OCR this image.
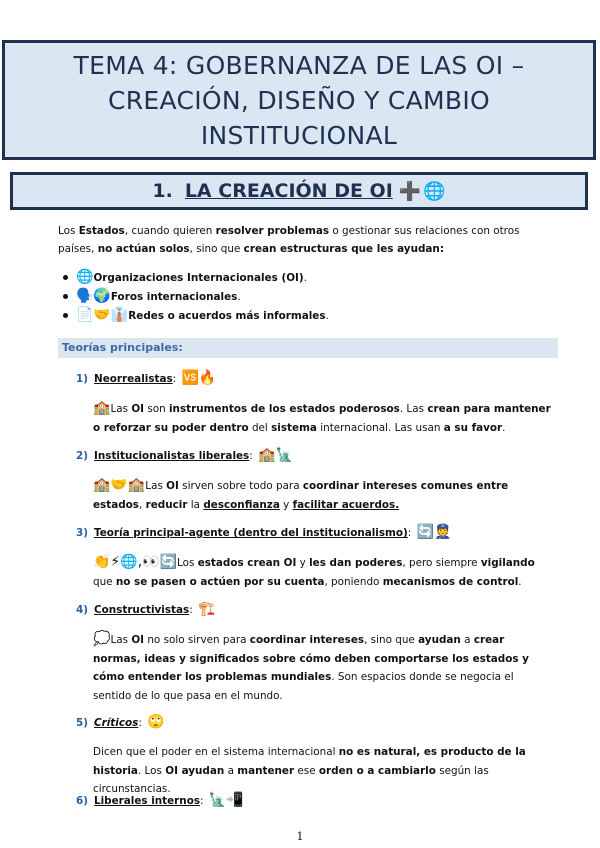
TEMA 4: GOBERNANZA DE LAS OI –
CREACIÓN, DISEÑO Y CAMBIO
INSTITUCIONAL
1. LA CREACIÓN DE OI ➕ 🌐
Los Estados, cuando quieren resolver problemas o gestionar sus relaciones con otros países, no actúan solos, sino que crean estructuras que les ayudan:
🌐Organizaciones Internacionales (OI).
🗣️🌍Foros internacionales.
📄🤝👔Redes o acuerdos más informales.
Teorías principales:
1) Neorrealistas: 🆚🔥
🏫Las OI son instrumentos de los estados poderosos. Las crean para mantener o reforzar su poder dentro del sistema internacional. Las usan a su favor.
2) Institucionalistas liberales: 🏫🗽
🏫🤝🏫Las OI sirven sobre todo para coordinar intereses comunes entre estados, reducir la desconfianza y facilitar acuerdos.
3) Teoría principal-agente (dentro del institucionalismo): 🔄👮
👏⚡🌐,👀🔄Los estados crean OI y les dan poderes, pero siempre vigilando que no se pasen o actúen por su cuenta, poniendo mecanismos de control.
4) Constructivistas: 🏗️
💭Las OI no solo sirven para coordinar intereses, sino que ayudan a crear normas, ideas y significados sobre cómo deben comportarse los estados y cómo entender los problemas mundiales. Son espacios donde se negocia el sentido de lo que pasa en el mundo.
5) Críticos: 🙄
Dicen que el poder en el sistema internacional no es natural, es producto de la historia. Los OI ayudan a mantener ese orden o a cambiarlo según las circunstancias.
6) Liberales internos: 🗽📲
1
